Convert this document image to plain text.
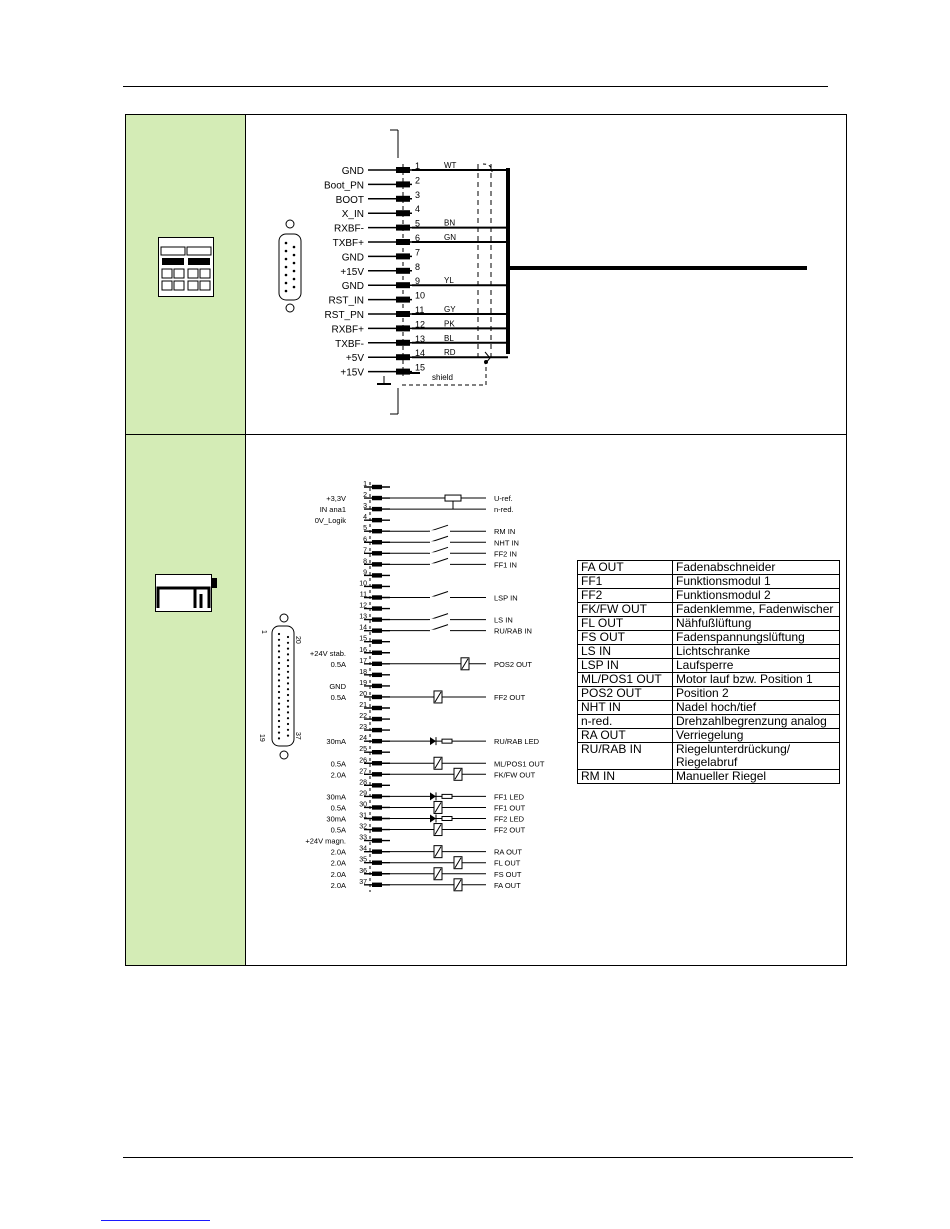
GND	1
Boot_PN	2
BOOT	3
X_IN	4
RXBF-	5
TXBF+	6
GND	7
+15V	8
GND	9
RST_IN	10
RST_PN	11
RXBF+	12
TXBF-	13
+5V	14
+15V	15
WT
BN
GN
YL
GY
PK
BL
RD
shield
1
20
19	37
1
2
3
4
5
6
7
8
9
10
11
12
13
14
15
16
17
18
19
20
21
22
23
24
25
26
27
28
29
30
31
32
33
34
35
36
37
+3,3V
IN ana1
0V_Logik
+24V stab.
0.5A
GND
0.5A
30mA
0.5A
2.0A
30mA
0.5A
30mA
0.5A
+24V magn.
2.0A
2.0A
2.0A
2.0A
U-ref.
n-red.
RM IN
NHT IN
FF2 IN
FF1 IN
LSP IN
LS IN
RU/RAB IN
POS2 OUT
FF2 OUT
RU/RAB LED
ML/POS1 OUT
FK/FW OUT
FF1 LED
FF1 OUT
FF2 LED
FF2 OUT
RA OUT
FL OUT
FS OUT
FA OUT
FA OUT	Fadenabschneider
FF1	Funktionsmodul 1
FF2	Funktionsmodul 2
FK/FW OUT	Fadenklemme, Fadenwischer
FL OUT	Nähfußlüftung
FS OUT	Fadenspannungslüftung
LS IN	Lichtschranke
LSP IN	Laufsperre
ML/POS1 OUT	Motor lauf bzw. Position 1
POS2 OUT	Position 2
NHT IN	Nadel hoch/tief
n-red.	Drehzahlbegrenzung analog
RA OUT	Verriegelung
RU/RAB IN	Riegelunterdrückung/ Riegelabruf
RM IN	Manueller Riegel
